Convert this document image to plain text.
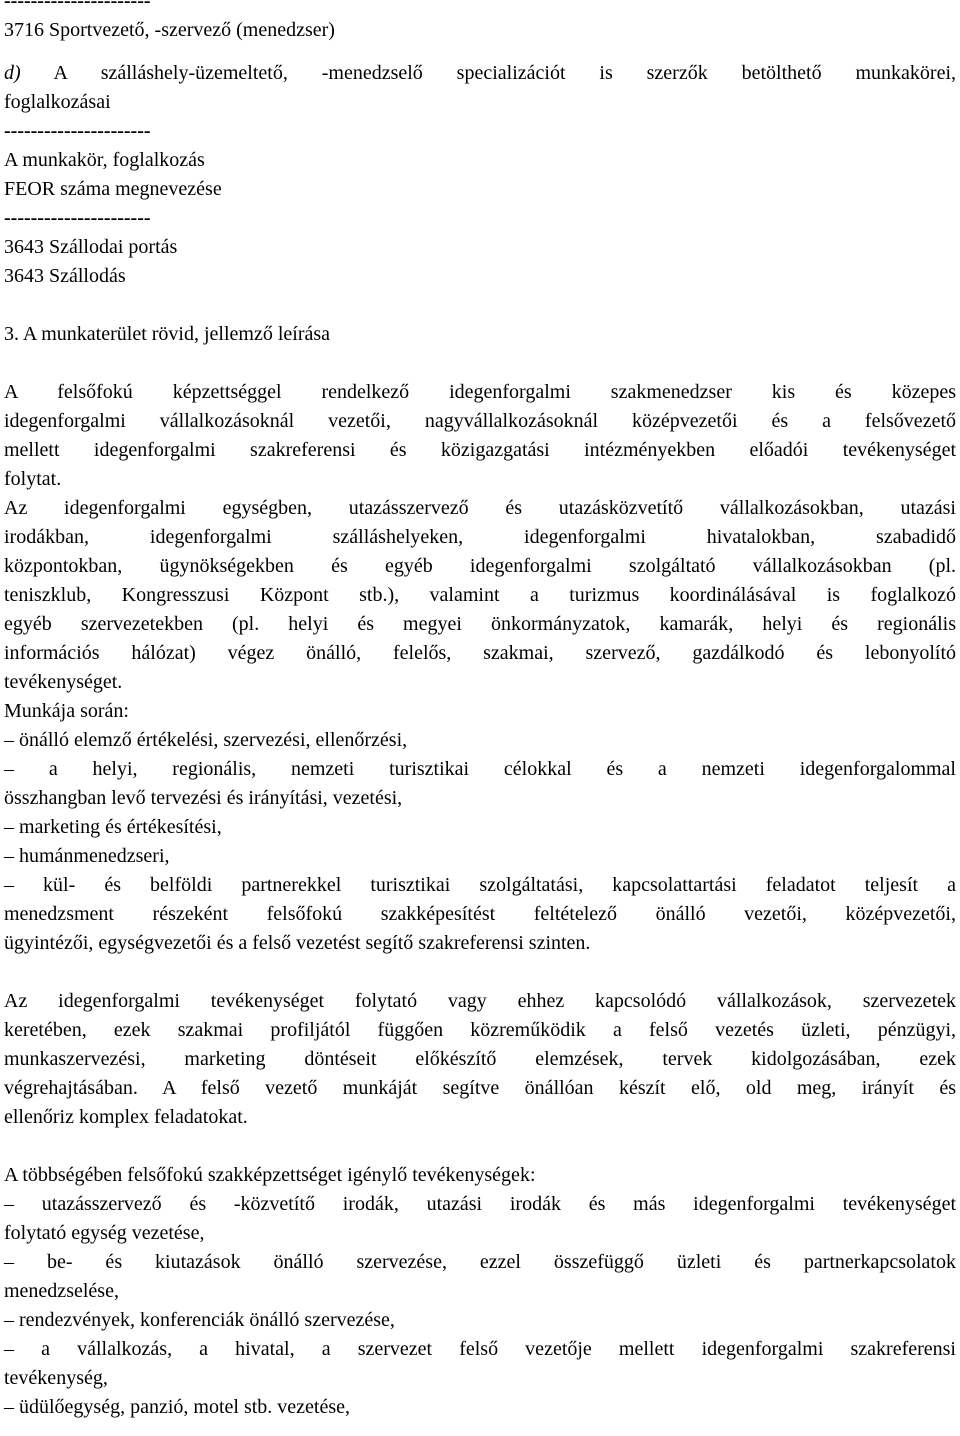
----------------------
3716 Sportvezető, -szervező (menedzser)
d) A szálláshely-üzemeltető, -menedzselő specializációt is szerzők betölthető munkakörei,
foglalkozásai
----------------------
A munkakör, foglalkozás
FEOR száma megnevezése
----------------------
3643 Szállodai portás
3643 Szállodás
3. A munkaterület rövid, jellemző leírása
A felsőfokú képzettséggel rendelkező idegenforgalmi szakmenedzser kis és közepes
idegenforgalmi vállalkozásoknál vezetői, nagyvállalkozásoknál középvezetői és a felsővezető
mellett idegenforgalmi szakreferensi és közigazgatási intézményekben előadói tevékenységet
folytat.
Az idegenforgalmi egységben, utazásszervező és utazásközvetítő vállalkozásokban, utazási
irodákban, idegenforgalmi szálláshelyeken, idegenforgalmi hivatalokban, szabadidő
központokban, ügynökségekben és egyéb idegenforgalmi szolgáltató vállalkozásokban (pl.
teniszklub, Kongresszusi Központ stb.), valamint a turizmus koordinálásával is foglalkozó
egyéb szervezetekben (pl. helyi és megyei önkormányzatok, kamarák, helyi és regionális
információs hálózat) végez önálló, felelős, szakmai, szervező, gazdálkodó és lebonyolító
tevékenységet.
Munkája során:
– önálló elemző értékelési, szervezési, ellenőrzési,
– a helyi, regionális, nemzeti turisztikai célokkal és a nemzeti idegenforgalommal
összhangban levő tervezési és irányítási, vezetési,
– marketing és értékesítési,
– humánmenedzseri,
– kül- és belföldi partnerekkel turisztikai szolgáltatási, kapcsolattartási feladatot teljesít a
menedzsment részeként felsőfokú szakképesítést feltételező önálló vezetői, középvezetői,
ügyintézői, egységvezetői és a felső vezetést segítő szakreferensi szinten.
Az idegenforgalmi tevékenységet folytató vagy ehhez kapcsolódó vállalkozások, szervezetek
keretében, ezek szakmai profiljától függően közreműködik a felső vezetés üzleti, pénzügyi,
munkaszervezési, marketing döntéseit előkészítő elemzések, tervek kidolgozásában, ezek
végrehajtásában. A felső vezető munkáját segítve önállóan készít elő, old meg, irányít és
ellenőriz komplex feladatokat.
A többségében felsőfokú szakképzettséget igénylő tevékenységek:
– utazásszervező és -közvetítő irodák, utazási irodák és más idegenforgalmi tevékenységet
folytató egység vezetése,
– be- és kiutazások önálló szervezése, ezzel összefüggő üzleti és partnerkapcsolatok
menedzselése,
– rendezvények, konferenciák önálló szervezése,
– a vállalkozás, a hivatal, a szervezet felső vezetője mellett idegenforgalmi szakreferensi
tevékenység,
– üdülőegység, panzió, motel stb. vezetése,
